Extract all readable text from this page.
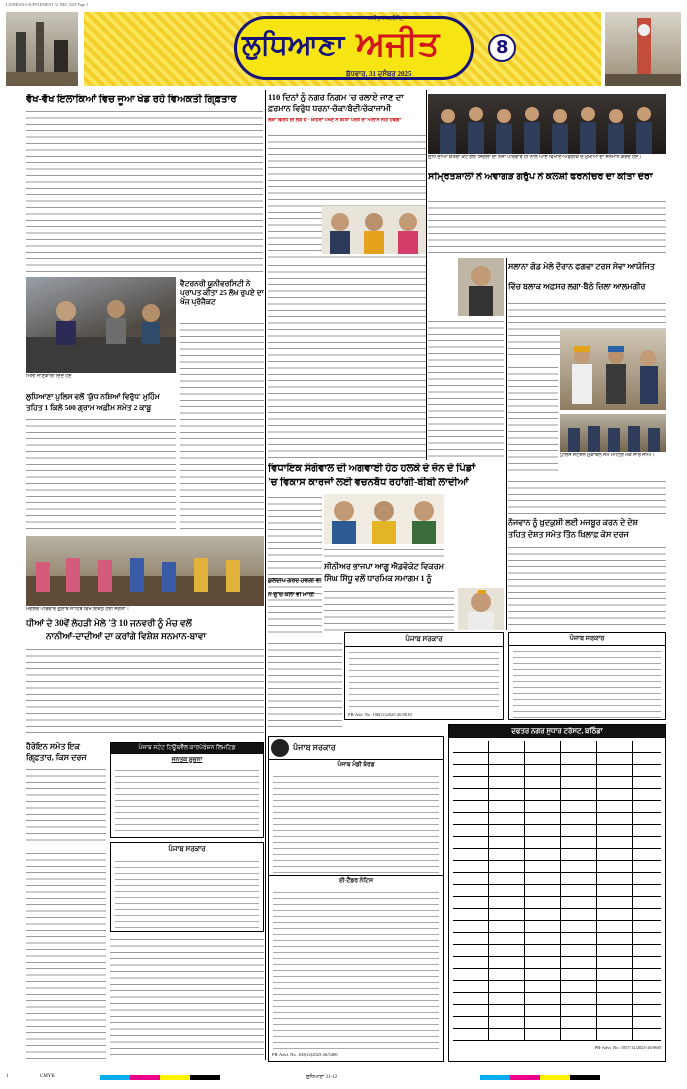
LUDHIANA SUPPLEMENT 31 DEC 2025 Page 1
ਲੁਧਿਆਣਾ ਅਜੀਤ
ਅਜੀਤ ਸਪਲੀਮੈਂਟ
ਬੁੱਧਵਾਰ, 31 ਦਸੰਬਰ 2025
8
ਵੱਖ-ਵੱਖ ਇਲਾਕਿਆਂ ਵਿਚ ਜੂਆ ਖੇਡ ਰਹੇ ਵਿਅਕਤੀ ਗਿ੍ਫ਼ਤਾਰ
ਮਿਲੀ ਜਾਣਕਾਰੀ ਦਿੰਦੇ ਹੋਏ
ਵੈਟਰਨਰੀ ਯੂਨੀਵਰਸਿਟੀ ਨੇ ਪ੍ਰਾਪਤ ਕੀਤਾ 25 ਲੱਖ ਰੁਪਏ ਦਾ ਖੋਜ ਪ੍ਰੋਜੈਕਟ
ਲੁਧਿਆਣਾ ਪੁਲਿਸ ਵਲੋਂ 'ਯੁੱਧ ਨਸ਼ਿਆਂ ਵਿਰੁੱਧ' ਮੁਹਿੰਮ
ਤਹਿਤ 1 ਕਿਲੋ 500 ਗ੍ਰਾਮ ਅਫ਼ੀਮ ਸਮੇਤ 2 ਕਾਬੂ
ਮੰਗਲਰ ਪਰਿਵਾਰ ਗੁਲਾਬ ਸਾਹਿਬ ਵਿਖੇ ਇਕੱਠੇ ਹੋਈ ਸੰਗਤਾਂ।
ਧੀਆਂ ਦੇ 30ਵੇਂ ਲੋਹੜੀ ਮੇਲੇ 'ਤੇ 10 ਜਨਵਰੀ ਨੂੰ ਮੰਚ ਵਲੋਂ
ਨਾਨੀਆਂ-ਦਾਦੀਆਂ ਦਾ ਕਰਾਂਗੇ ਵਿਸ਼ੇਸ਼ ਸਨਮਾਨ-ਬਾਵਾ
ਹੈਰੋਇਨ ਸਮੇਤ ਇਕ
ਗਿ੍ਫ਼ਤਾਰ, ਕਿਸ ਦਰਜ
ਪੰਜਾਬ ਸਟੇਟ ਟਿਊਬਵੈੱਲ ਕਾਰਪੋਰੇਸ਼ਨ ਲਿਮਟਿਡ
ਜਨਤਕ ਸੂਚਨਾ
ਪੰਜਾਬ ਸਰਕਾਰ
110 ਦਿਨਾਂ ਨੂੰ ਨਗਰ ਨਿਗਮ 'ਚ ਰਲਾਏ ਜਾਣ ਦਾ
ਫ਼ਰਮਾਨ ਵਿਰੁੱਧ ਧਰਨਾ-ਚੱਕਾ/ਬੰਦੀ/ਚੱਕਾਜਾਮੀ
ਲੋਕਾਂ ਵਿਰੋਧ ਦੀ ਲੋੜ ਹੈ - ਖ਼ਹਿਰਾ ਪੱਖਣ ਨੇ ਕੀਤਾ ਪਰਤ ਦਾ ਐਲਾਨ ਨਹੀਂ ਹੋਵੇਗਾ
ਵਿਧਾਇਕ ਸੰਗੋਵਾਲ ਦੀ ਅਗਵਾਈ ਹੇਠ ਹਲਕੇ ਦੇ ਜ਼ੋਨ ਦੇ ਪਿੰਡਾਂ
'ਚ ਵਿਕਾਸ ਕਾਰਜਾਂ ਲਈ ਵਚਨਬੱਧ ਰਹਾਂਗੀ-ਬੀਬੀ ਲਾਦੀਆਂ
ਸੀਨੀਅਰ ਭਾਜਪਾ ਆਗੂ ਐਡਵੋਕੇਟ ਵਿਕਰਮ
ਸਿੰਘ ਸਿੱਧੂ ਵਲੋਂ ਧਾਰਮਿਕ ਸਮਾਗਮ 1 ਨੂੰ
ਕੁਲਦੀਪ ਗਰਦ ਹੋਵੇਗੀ ਵੀ
ਨੇ ਉੱਚੇ ਕਲਾ ਵੀ ਮਾਰੀ
ਪੰਜਾਬ ਸਰਕਾਰ
PR-Adv. No. 100(11)2025-26/5010
ਪੰਜਾਬ ਸਰਕਾਰ
ਪੰਜਾਬ ਮੰਡੀ ਬੋਰਡ
ਈ-ਟੈਂਡਰ ਨੋਟਿਸ
PR-Advt. No. 100(12)2025-26/5400
ਲੁਧਿ ਦੀਆਂ ਯੰਤਰਾ ਕਟ ਗਏ ਸਿੰਗਲਾ ਦਾ ਨਸ਼ਾ ਪਰਿਵਾਰ ਹੀ ਨਾਲ ਆਏ ਵਿਖਾਏ-ਅਫਰੀਕ ਦੇ ਮੁਖੀਆਂ ਦਾ ਸਨਮਾਨ ਕਰਦੇ ਹੋਏ।
ਸਮ੍ਰਿਤਸ਼ਾਲਾਂ ਨੇ ਅਵਾਗੜ ਗਰੁੱਪ ਨੇ ਕਲਸ਼ੀ ਫਰਨੀਚਰ ਦਾ ਕੀਤਾ ਦੌਰਾ
ਸਲਾਨਾ ਗੋਡ ਮੇਲੇ ਦੌਰਾਨ ਫਗਵਾ ਟਰਸ ਸੇਵਾ ਆਯੋਜਿਤ
ਵਿੱਚ ਬਲਾਕ ਅਫ਼ਸਰ ਲਗਾ-ਬੈਠੇ ਜ਼ਿਲਾ ਆਲਮਗੀਰ
ਪੁਲਿਸ ਸਟੇਸ਼ਨ ਮੁਕਾਬਲੇ ਸਮੇਂ ਮੀਟਿੰਗ ਮੌਕੇ ਸਾਰੇ ਜੀਅ।
ਨੌਜਵਾਨ ਨੂੰ ਖ਼ੁਦਕੁਸ਼ੀ ਲਈ ਮਜਬੂਰ ਕਰਨ ਦੇ ਦੋਸ਼
ਤਹਿਤ ਦੋਸ਼ਤ ਸਮੇਤ ਤਿੰਨ ਖ਼ਿਲਾਫ਼ ਕੇਸ ਦਰਜ
ਪੰਜਾਬ ਸਰਕਾਰ
ਦਫਤਰ ਨਗਰ ਸੁਧਾਰ ਟਰੱਸਟ, ਬਠਿੰਡਾ
PR-Advt. No. 1857/12/2025-26/9681
1	ਲੁਧਿਆਣਾ 31-12
CMYK
